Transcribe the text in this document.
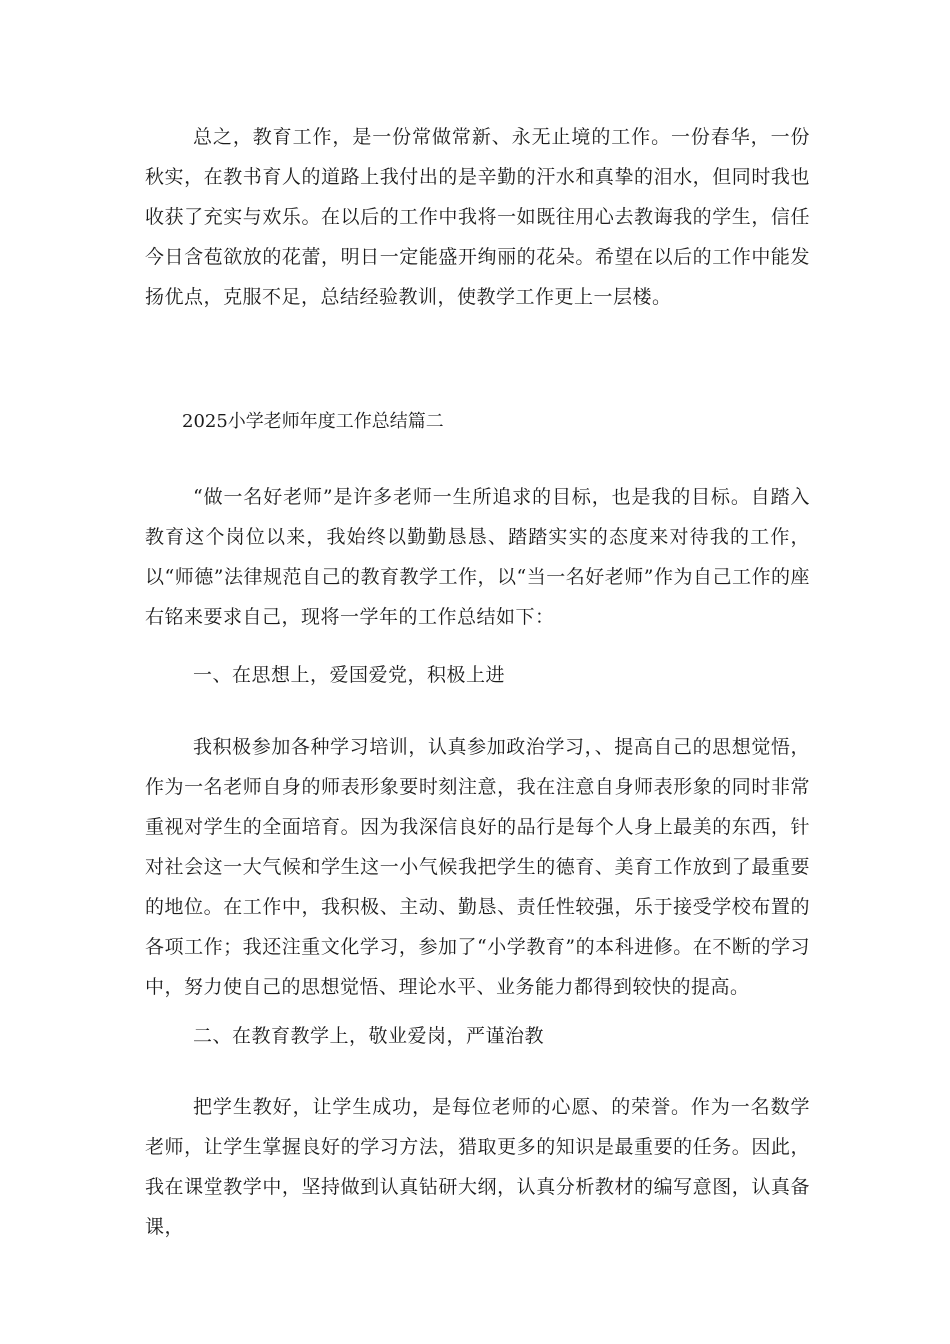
总之，教育工作，是一份常做常新、永无止境的工作。一份春华，一份秋实，在教书育人的道路上我付出的是辛勤的汗水和真挚的泪水，但同时我也收获了充实与欢乐。在以后的工作中我将一如既往用心去教诲我的学生，信任今日含苞欲放的花蕾，明日一定能盛开绚丽的花朵。希望在以后的工作中能发扬优点，克服不足，总结经验教训，使教学工作更上一层楼。

2025小学老师年度工作总结篇二

“做一名好老师”是许多老师一生所追求的目标，也是我的目标。自踏入教育这个岗位以来，我始终以勤勤恳恳、踏踏实实的态度来对待我的工作，以“师德”法律规范自己的教育教学工作，以“当一名好老师”作为自己工作的座右铭来要求自己，现将一学年的工作总结如下：

一、在思想上，爱国爱党，积极上进

我积极参加各种学习培训，认真参加政治学习，、提高自己的思想觉悟，作为一名老师自身的师表形象要时刻注意，我在注意自身师表形象的同时非常重视对学生的全面培育。因为我深信良好的品行是每个人身上最美的东西，针对社会这一大气候和学生这一小气候我把学生的德育、美育工作放到了最重要的地位。在工作中，我积极、主动、勤恳、责任性较强，乐于接受学校布置的各项工作；我还注重文化学习，参加了“小学教育”的本科进修。在不断的学习中，努力使自己的思想觉悟、理论水平、业务能力都得到较快的提高。

二、在教育教学上，敬业爱岗，严谨治教

把学生教好，让学生成功，是每位老师的心愿、的荣誉。作为一名数学老师，让学生掌握良好的学习方法，猎取更多的知识是最重要的任务。因此，我在课堂教学中，坚持做到认真钻研大纲，认真分析教材的编写意图，认真备课，
